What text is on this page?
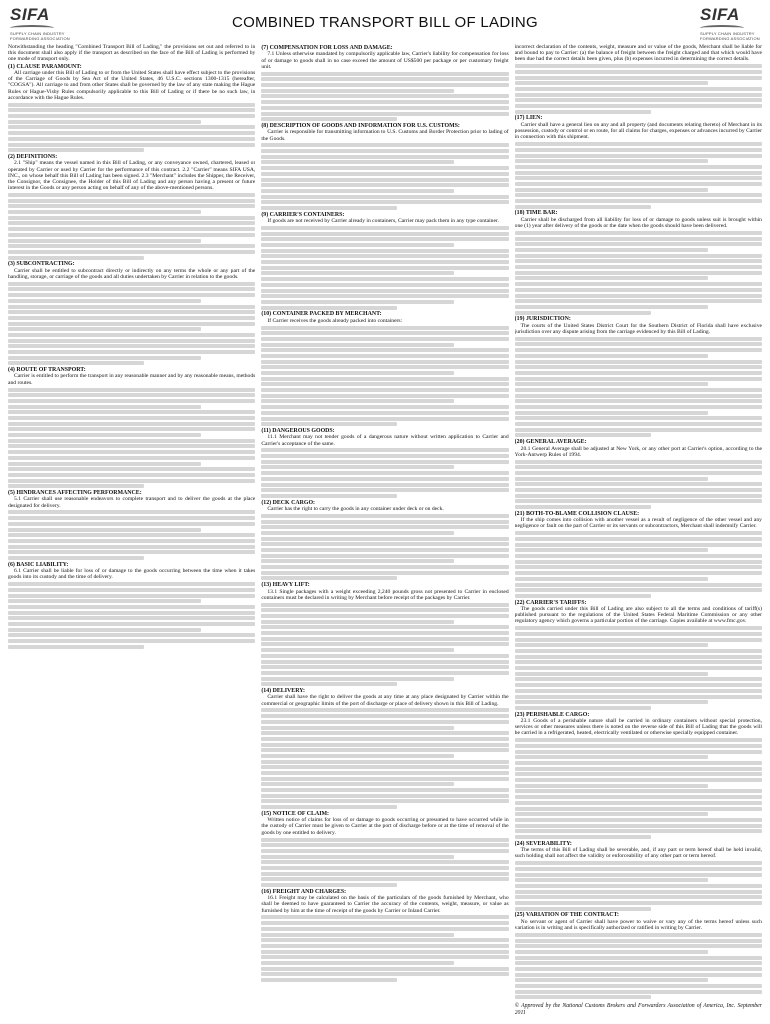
SIFA
SUPPLY CHAIN INDUSTRY FORWARDING ASSOCIATION
COMBINED TRANSPORT BILL OF LADING	SIFA
SUPPLY CHAIN INDUSTRY FORWARDING ASSOCIATION

Notwithstanding the heading "Combined Transport Bill of Lading," the provisions set out and referred to in this document shall also apply if the transport as described on the face of the Bill of Lading is performed by one mode of transport only.

(1) CLAUSE PARAMOUNT:

All carriage under this Bill of Lading to or from the United States shall have effect subject to the provisions of the Carriage of Goods by Sea Act of the United States, 46 U.S.C. sections 1300-1315 (hereafter, "COGSA"). All carriage to and from other States shall be governed by the law of any state making the Hague Rules or Hague-Visby Rules compulsorily applicable to this Bill of Lading or if there be no such law, in accordance with the Hague Rules.

(2) DEFINITIONS:

2.1 "Ship" means the vessel named in this Bill of Lading, or any conveyance owned, chartered, leased or operated by Carrier or used by Carrier for the performance of this contract. 2.2 "Carrier" means SIFA USA, INC., on whose behalf this Bill of Lading has been signed. 2.3 "Merchant" includes the Shipper, the Receiver, the Consignor, the Consignee, the Holder of this Bill of Lading and any person having a present or future interest in the Goods or any person acting on behalf of any of the above-mentioned persons.

(3) SUBCONTRACTING:

Carrier shall be entitled to subcontract directly or indirectly on any terms the whole or any part of the handling, storage, or carriage of the goods and all duties undertaken by Carrier in relation to the goods.

(4) ROUTE OF TRANSPORT:

Carrier is entitled to perform the transport in any reasonable manner and by any reasonable means, methods and routes.

(5) HINDRANCES AFFECTING PERFORMANCE:

5.1 Carrier shall use reasonable endeavors to complete transport and to deliver the goods at the place designated for delivery.

(6) BASIC LIABILITY:

6.1 Carrier shall be liable for loss of or damage to the goods occurring between the time when it takes goods into its custody and the time of delivery.

(7) COMPENSATION FOR LOSS AND DAMAGE:

7.1 Unless otherwise mandated by compulsorily applicable law, Carrier's liability for compensation for loss of or damage to goods shall in no case exceed the amount of US$500 per package or per customary freight unit.

(8) DESCRIPTION OF GOODS AND INFORMATION FOR U.S. CUSTOMS:

Carrier is responsible for transmitting information to U.S. Customs and Border Protection prior to lading of the Goods.

(9) CARRIER'S CONTAINERS:

If goods are not received by Carrier already in containers, Carrier may pack them in any type container.

(10) CONTAINER PACKED BY MERCHANT:

If Carrier receives the goods already packed into containers:

(11) DANGEROUS GOODS:

11.1 Merchant may not tender goods of a dangerous nature without written application to Carrier and Carrier's acceptance of the same.

(12) DECK CARGO:

Carrier has the right to carry the goods in any container under deck or on deck.

(13) HEAVY LIFT:

13.1 Single packages with a weight exceeding 2,240 pounds gross not presented to Carrier in enclosed containers must be declared in writing by Merchant before receipt of the packages by Carrier.

(14) DELIVERY:

Carrier shall have the right to deliver the goods at any time at any place designated by Carrier within the commercial or geographic limits of the port of discharge or place of delivery shown in this Bill of Lading.

(15) NOTICE OF CLAIM:

Written notice of claims for loss of or damage to goods occurring or presumed to have occurred while in the custody of Carrier must be given to Carrier at the port of discharge before or at the time of removal of the goods by one entitled to delivery.

(16) FREIGHT AND CHARGES:

16.1 Freight may be calculated on the basis of the particulars of the goods furnished by Merchant, who shall be deemed to have guaranteed to Carrier the accuracy of the contents, weight, measure, or value as furnished by him at the time of receipt of the goods by Carrier or Inland Carrier.

incorrect declaration of the contents, weight, measure and or value of the goods, Merchant shall be liable for and bound to pay to Carrier: (a) the balance of freight between the freight charged and that which would have been due had the correct details been given, plus (b) expenses incurred in determining the correct details.

(17) LIEN:

Carrier shall have a general lien on any and all property (and documents relating thereto) of Merchant in its possession, custody or control or en route, for all claims for charges, expenses or advances incurred by Carrier in connection with this shipment.

(18) TIME BAR:

Carrier shall be discharged from all liability for loss of or damage to goods unless suit is brought within one (1) year after delivery of the goods or the date when the goods should have been delivered.

(19) JURISDICTION:

The courts of the United States District Court for the Southern District of Florida shall have exclusive jurisdiction over any dispute arising from the carriage evidenced by this Bill of Lading.

(20) GENERAL AVERAGE:

20.1 General Average shall be adjusted at New York, or any other port at Carrier's option, according to the York-Antwerp Rules of 1994.

(21) BOTH-TO-BLAME COLLISION CLAUSE:

If the ship comes into collision with another vessel as a result of negligence of the other vessel and any negligence or fault on the part of Carrier or its servants or subcontractors, Merchant shall indemnify Carrier.

(22) CARRIER'S TARIFFS:

The goods carried under this Bill of Lading are also subject to all the terms and conditions of tariff(s) published pursuant to the regulations of the United States Federal Maritime Commission or any other regulatory agency which governs a particular portion of the carriage. Copies available at www.fmc.gov.

(23) PERISHABLE CARGO:

23.1 Goods of a perishable nature shall be carried in ordinary containers without special protection, services or other measures unless there is noted on the reverse side of this Bill of Lading that the goods will be carried in a refrigerated, heated, electrically ventilated or otherwise specially equipped container.

(24) SEVERABILITY:

The terms of this Bill of Lading shall be severable, and, if any part or term hereof shall be held invalid, such holding shall not affect the validity or enforceability of any other part or term hereof.

(25) VARIATION OF THE CONTRACT:

No servant or agent of Carrier shall have power to waive or vary any of the terms hereof unless such variation is in writing and is specifically authorized or ratified in writing by Carrier.

© Approved by the National Customs Brokers and Forwarders Association of America, Inc. September 2011
